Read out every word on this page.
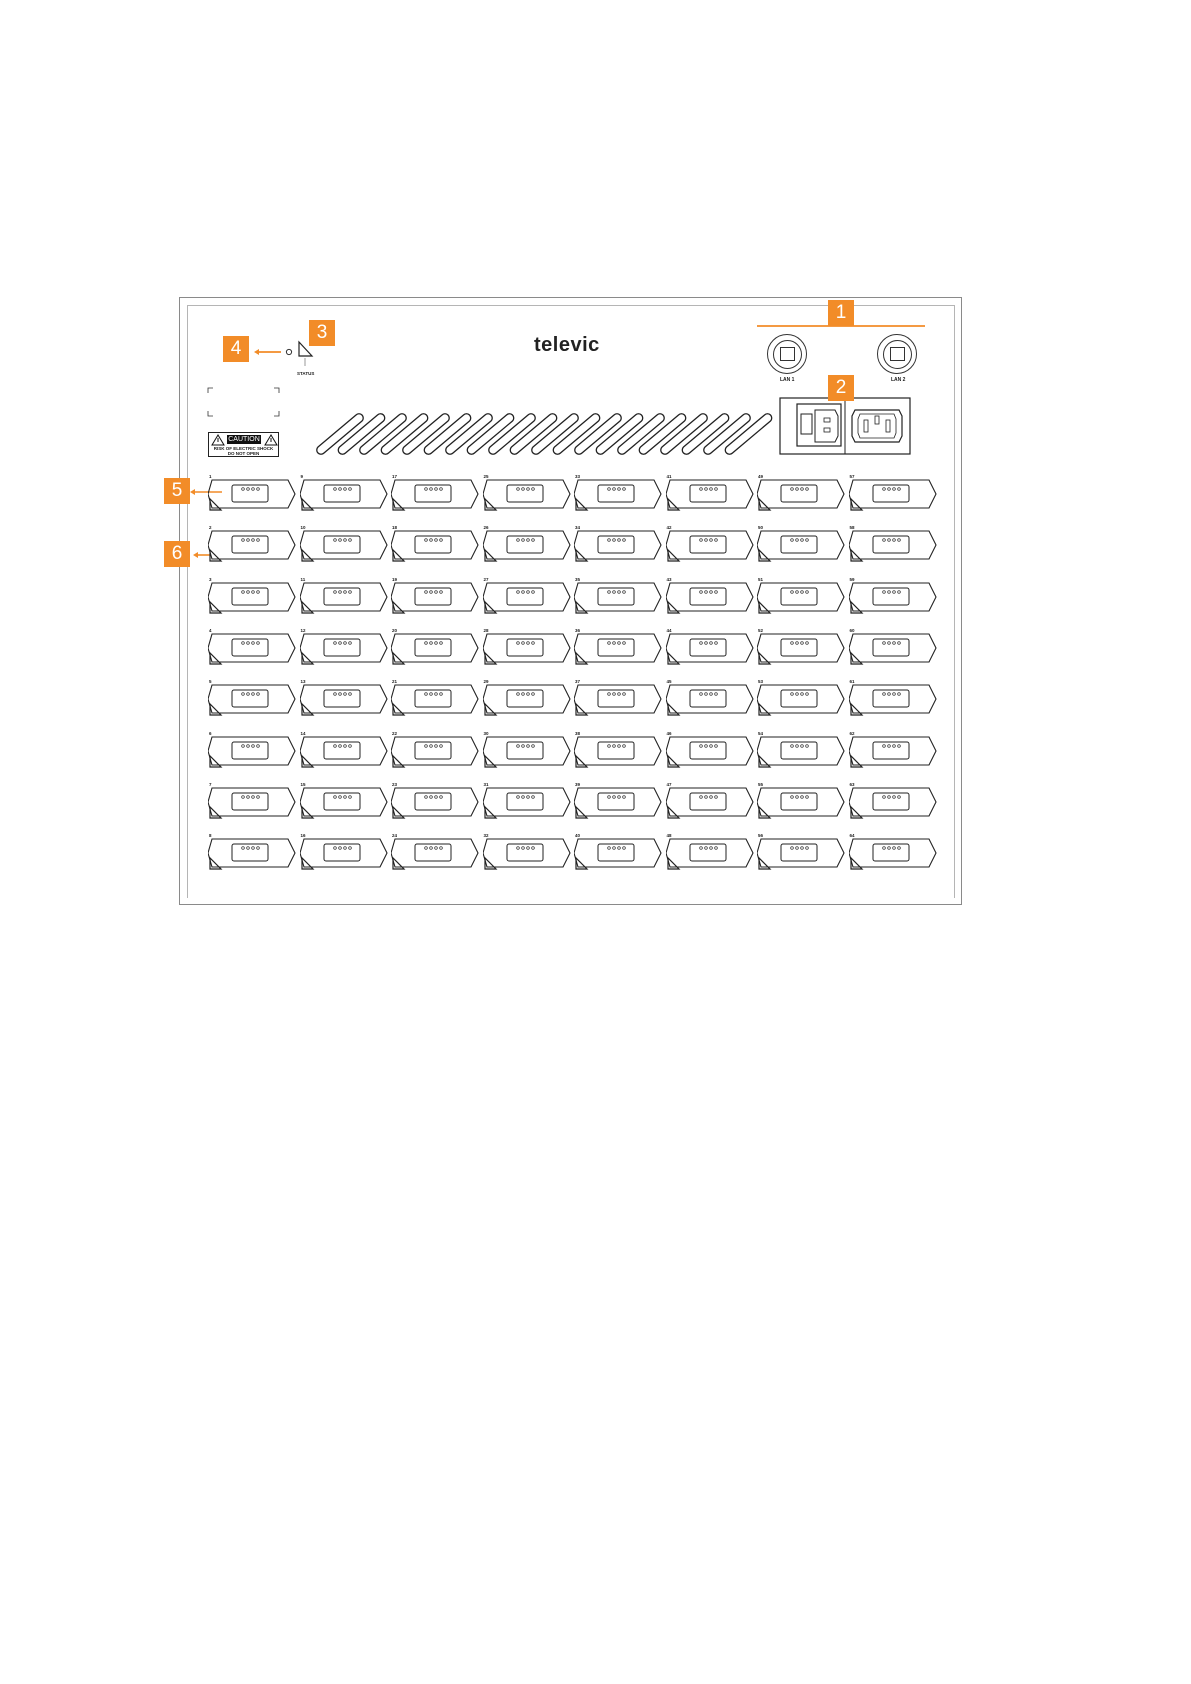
televic
1
2
3
4
5
6
LAN 1	LAN 2
STATUS
CAUTION
RISK OF ELECTRIC SHOCK
DO NOT OPEN
1
2
3
4
5
6
7
8
9
10
11
12
13
14
15
16
17
18
19
20
21
22
23
24
25
26
27
28
29
30
31
32
33
34
35
36
37
38
39
40
41
42
43
44
45
46
47
48
49
50
51
52
53
54
55
56
57
58
59
60
61
62
63
64
